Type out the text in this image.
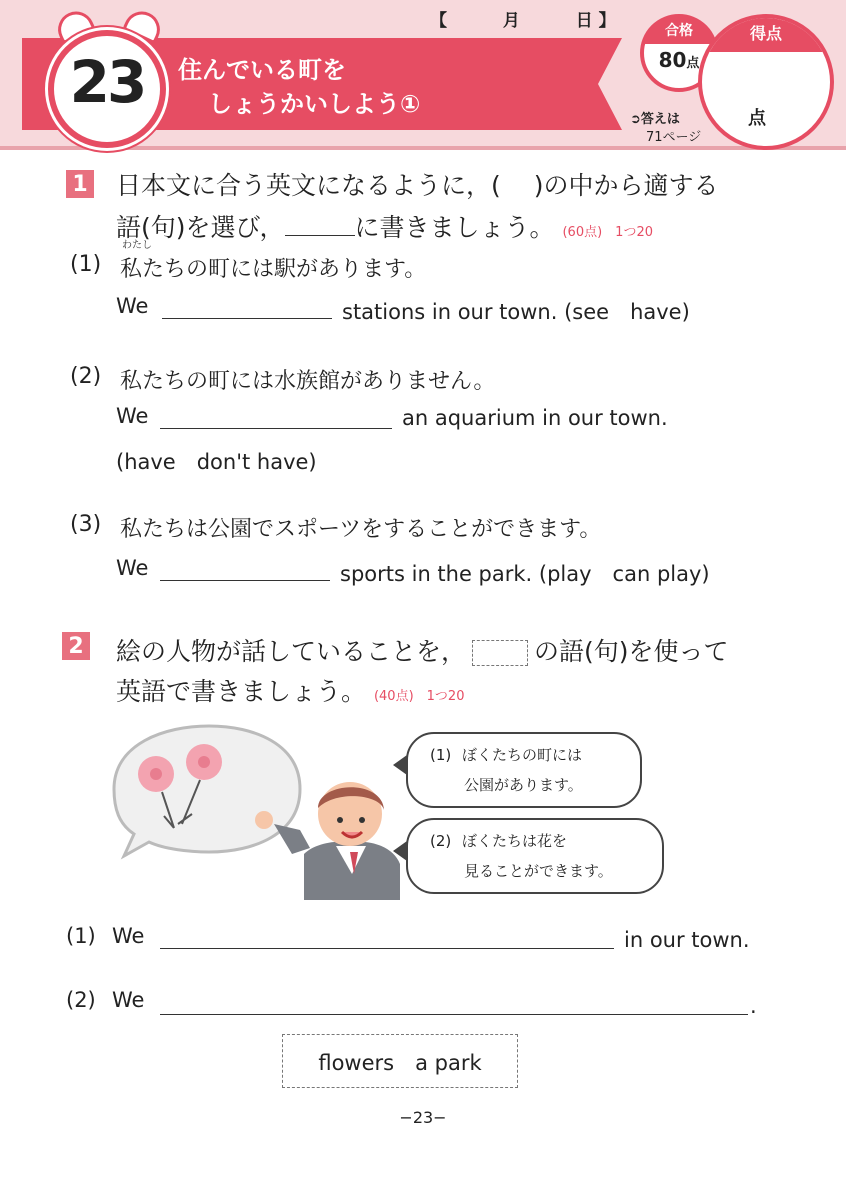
23	住んでいる町を
しょうかいしよう①
【	月	日 】	合格
80点
得点
点
➲答えは
71ページ
1 日本文に合う英文になるように，(　 )の中から適する
語(句)を選び，	に書きましょう。 (60点)　1つ20
わたし
(1) 私たちの町には駅があります。
We	stations in our town. (see　have)
(2) 私たちの町には水族館がありません。
We	an aquarium in our town.
(have　don't have)
(3) 私たちは公園でスポーツをすることができます。
We	sports in the park. (play　can play)
2 絵の人物が話していることを，	の語(句)を使って
英語で書きましょう。 (40点)　1つ20
(1) ぼくたちの町には
公園があります。
(2) ぼくたちは花を
見ることができます。
(1) We	in our town.
(2) We	.
flowers　a park
−23−
